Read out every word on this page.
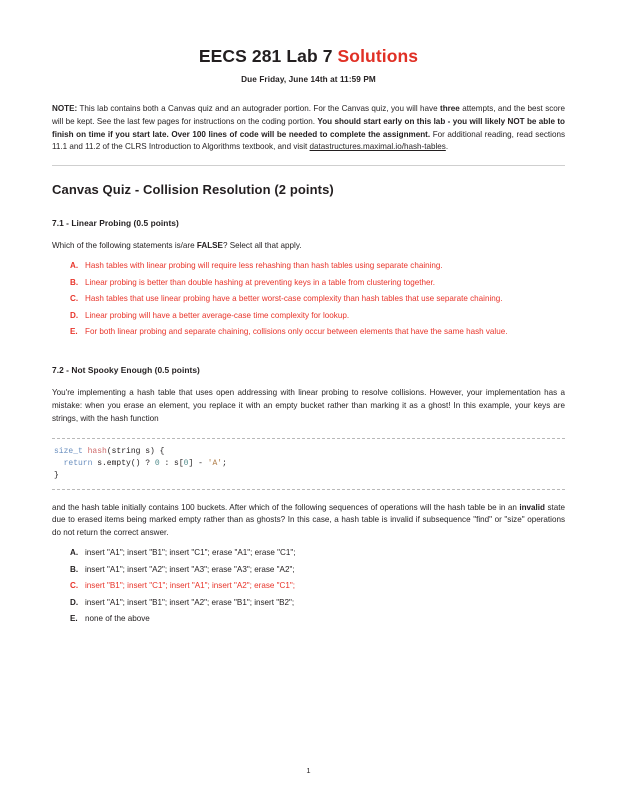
EECS 281 Lab 7 Solutions
Due Friday, June 14th at 11:59 PM

NOTE: This lab contains both a Canvas quiz and an autograder portion. For the Canvas quiz, you will have three attempts, and the best score will be kept. See the last few pages for instructions on the coding portion. You should start early on this lab - you will likely NOT be able to finish on time if you start late. Over 100 lines of code will be needed to complete the assignment. For additional reading, read sections 11.1 and 11.2 of the CLRS Introduction to Algorithms textbook, and visit datastructures.maximal.io/hash-tables.

Canvas Quiz - Collision Resolution (2 points)
7.1 - Linear Probing (0.5 points)

Which of the following statements is/are FALSE? Select all that apply.

A. Hash tables with linear probing will require less rehashing than hash tables using separate chaining.
B. Linear probing is better than double hashing at preventing keys in a table from clustering together.
C. Hash tables that use linear probing have a better worst-case complexity than hash tables that use separate chaining.
D. Linear probing will have a better average-case time complexity for lookup.
E. For both linear probing and separate chaining, collisions only occur between elements that have the same hash value.
7.2 - Not Spooky Enough (0.5 points)

You're implementing a hash table that uses open addressing with linear probing to resolve collisions. However, your implementation has a mistake: when you erase an element, you replace it with an empty bucket rather than marking it as a ghost! In this example, your keys are strings, with the hash function

size_t hash(string s) {
return s.empty() ? 0 : s[0] - 'A';
}

and the hash table initially contains 100 buckets. After which of the following sequences of operations will the hash table be in an invalid state due to erased items being marked empty rather than as ghosts? In this case, a hash table is invalid if subsequence "find" or "size" operations do not return the correct answer.

A. insert "A1"; insert "B1"; insert "C1"; erase "A1"; erase "C1";
B. insert "A1"; insert "A2"; insert "A3"; erase "A3"; erase "A2";
C. insert "B1"; insert "C1"; insert "A1"; insert "A2"; erase "C1";
D. insert "A1"; insert "B1"; insert "A2"; erase "B1"; insert "B2";
E. none of the above
1
